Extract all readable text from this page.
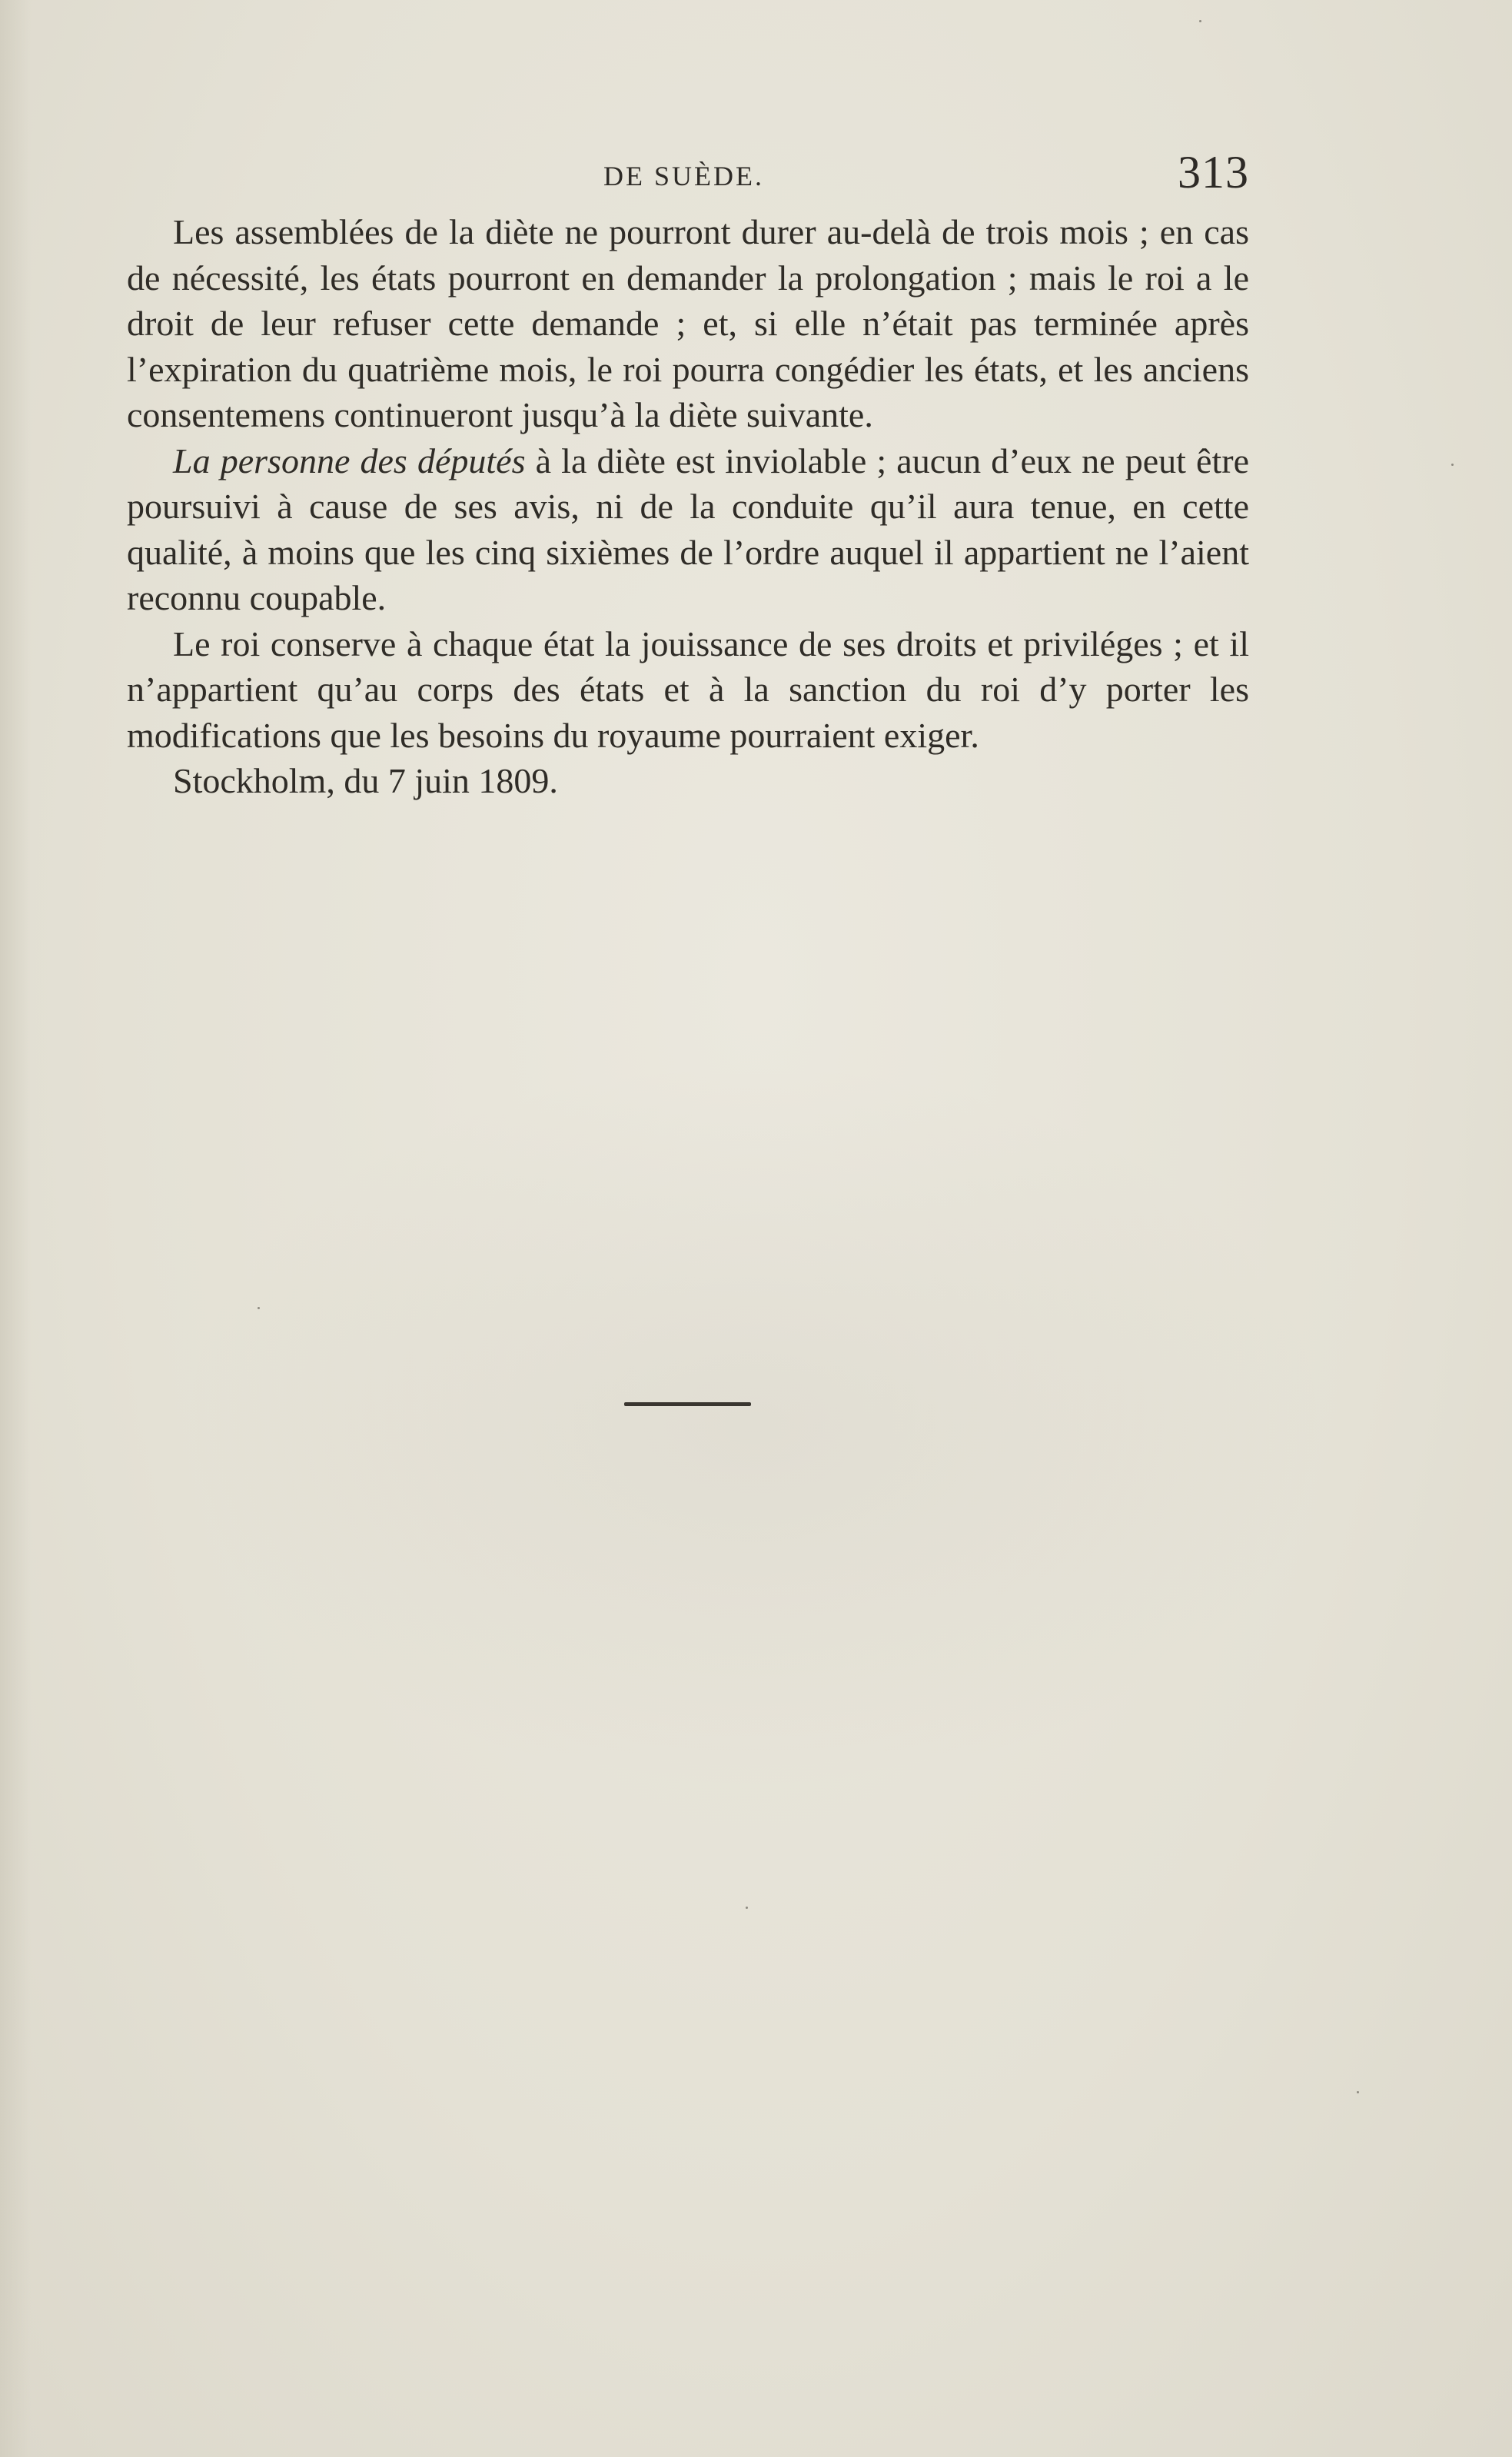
DE SUÈDE.	313

Les assemblées de la diète ne pourront durer au-delà de trois mois ; en cas de nécessité, les états pourront en demander la prolongation ; mais le roi a le droit de leur refuser cette demande ; et, si elle n’était pas terminée après l’expiration du quatrième mois, le roi pourra congédier les états, et les anciens consentemens continueront jusqu’à la diète suivante.

La personne des députés à la diète est inviolable ; aucun d’eux ne peut être poursuivi à cause de ses avis, ni de la conduite qu’il aura tenue, en cette qualité, à moins que les cinq sixièmes de l’ordre auquel il appartient ne l’aient reconnu coupable.

Le roi conserve à chaque état la jouissance de ses droits et priviléges ; et il n’appartient qu’au corps des états et à la sanction du roi d’y porter les modifications que les besoins du royaume pourraient exiger.

Stockholm, du 7 juin 1809.
